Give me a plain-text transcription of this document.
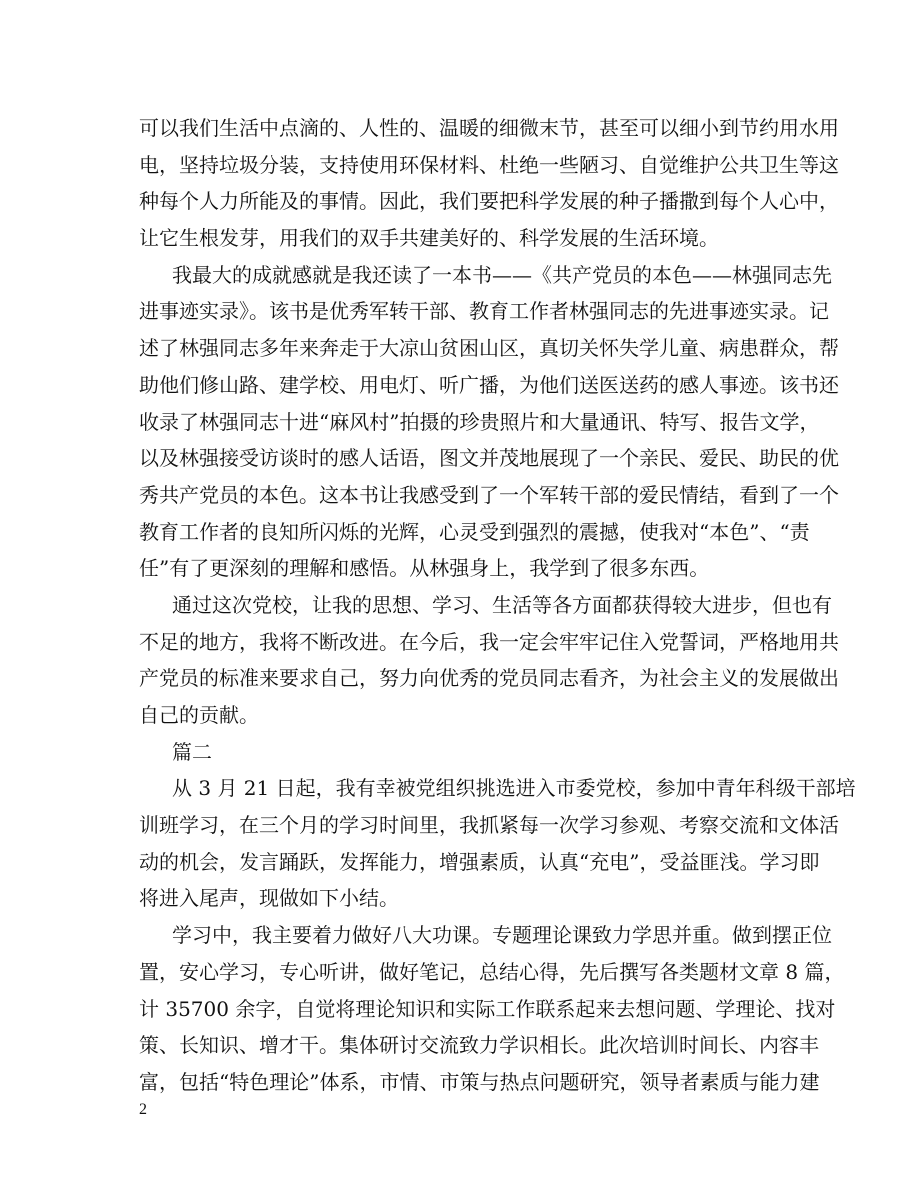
可以我们生活中点滴的、人性的、温暖的细微末节，甚至可以细小到节约用水用
电，坚持垃圾分装，支持使用环保材料、杜绝一些陋习、自觉维护公共卫生等这
种每个人力所能及的事情。因此，我们要把科学发展的种子播撒到每个人心中，
让它生根发芽，用我们的双手共建美好的、科学发展的生活环境。
我最大的成就感就是我还读了一本书——《共产党员的本色——林强同志先
进事迹实录》。该书是优秀军转干部、教育工作者林强同志的先进事迹实录。记
述了林强同志多年来奔走于大凉山贫困山区，真切关怀失学儿童、病患群众，帮
助他们修山路、建学校、用电灯、听广播，为他们送医送药的感人事迹。该书还
收录了林强同志十进“麻风村”拍摄的珍贵照片和大量通讯、特写、报告文学，
以及林强接受访谈时的感人话语，图文并茂地展现了一个亲民、爱民、助民的优
秀共产党员的本色。这本书让我感受到了一个军转干部的爱民情结，看到了一个
教育工作者的良知所闪烁的光辉，心灵受到强烈的震撼，使我对“本色”、“责
任”有了更深刻的理解和感悟。从林强身上，我学到了很多东西。
通过这次党校，让我的思想、学习、生活等各方面都获得较大进步，但也有
不足的地方，我将不断改进。在今后，我一定会牢牢记住入党誓词，严格地用共
产党员的标准来要求自己，努力向优秀的党员同志看齐，为社会主义的发展做出
自己的贡献。
篇二
从 3 月 21 日起，我有幸被党组织挑选进入市委党校，参加中青年科级干部培
训班学习，在三个月的学习时间里，我抓紧每一次学习参观、考察交流和文体活
动的机会，发言踊跃，发挥能力，增强素质，认真“充电”，受益匪浅。学习即
将进入尾声，现做如下小结。
学习中，我主要着力做好八大功课。专题理论课致力学思并重。做到摆正位
置，安心学习，专心听讲，做好笔记，总结心得，先后撰写各类题材文章 8 篇，
计 35700 余字，自觉将理论知识和实际工作联系起来去想问题、学理论、找对
策、长知识、增才干。集体研讨交流致力学识相长。此次培训时间长、内容丰
富，包括“特色理论”体系，市情、市策与热点问题研究，领导者素质与能力建
2
